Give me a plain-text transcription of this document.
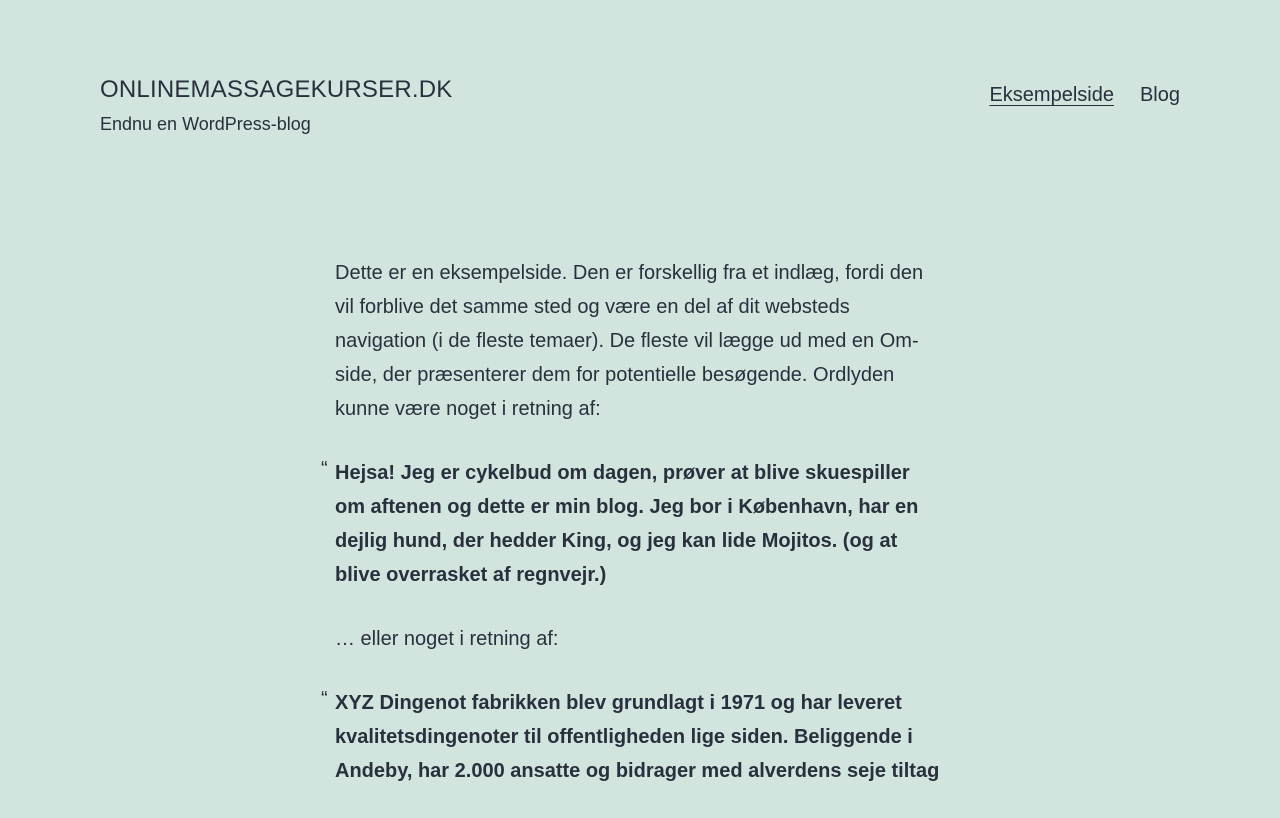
ONLINEMASSAGEKURSER.DK
Endnu en WordPress-blog
Eksempelside Blog

Dette er en eksempelside. Den er forskellig fra et indlæg, fordi den vil forblive det samme sted og være en del af dit websteds navigation (i de fleste temaer). De fleste vil lægge ud med en Om-side, der præsenterer dem for potentielle besøgende. Ordlyden kunne være noget i retning af:

“ Hejsa! Jeg er cykelbud om dagen, prøver at blive skuespiller om aftenen og dette er min blog. Jeg bor i København, har en dejlig hund, der hedder King, og jeg kan lide Mojitos. (og at blive overrasket af regnvejr.)

… eller noget i retning af:

“ XYZ Dingenot fabrikken blev grundlagt i 1971 og har leveret kvalitetsdingenoter til offentligheden lige siden. Beliggende i Andeby, har 2.000 ansatte og bidrager med alverdens seje tiltag
